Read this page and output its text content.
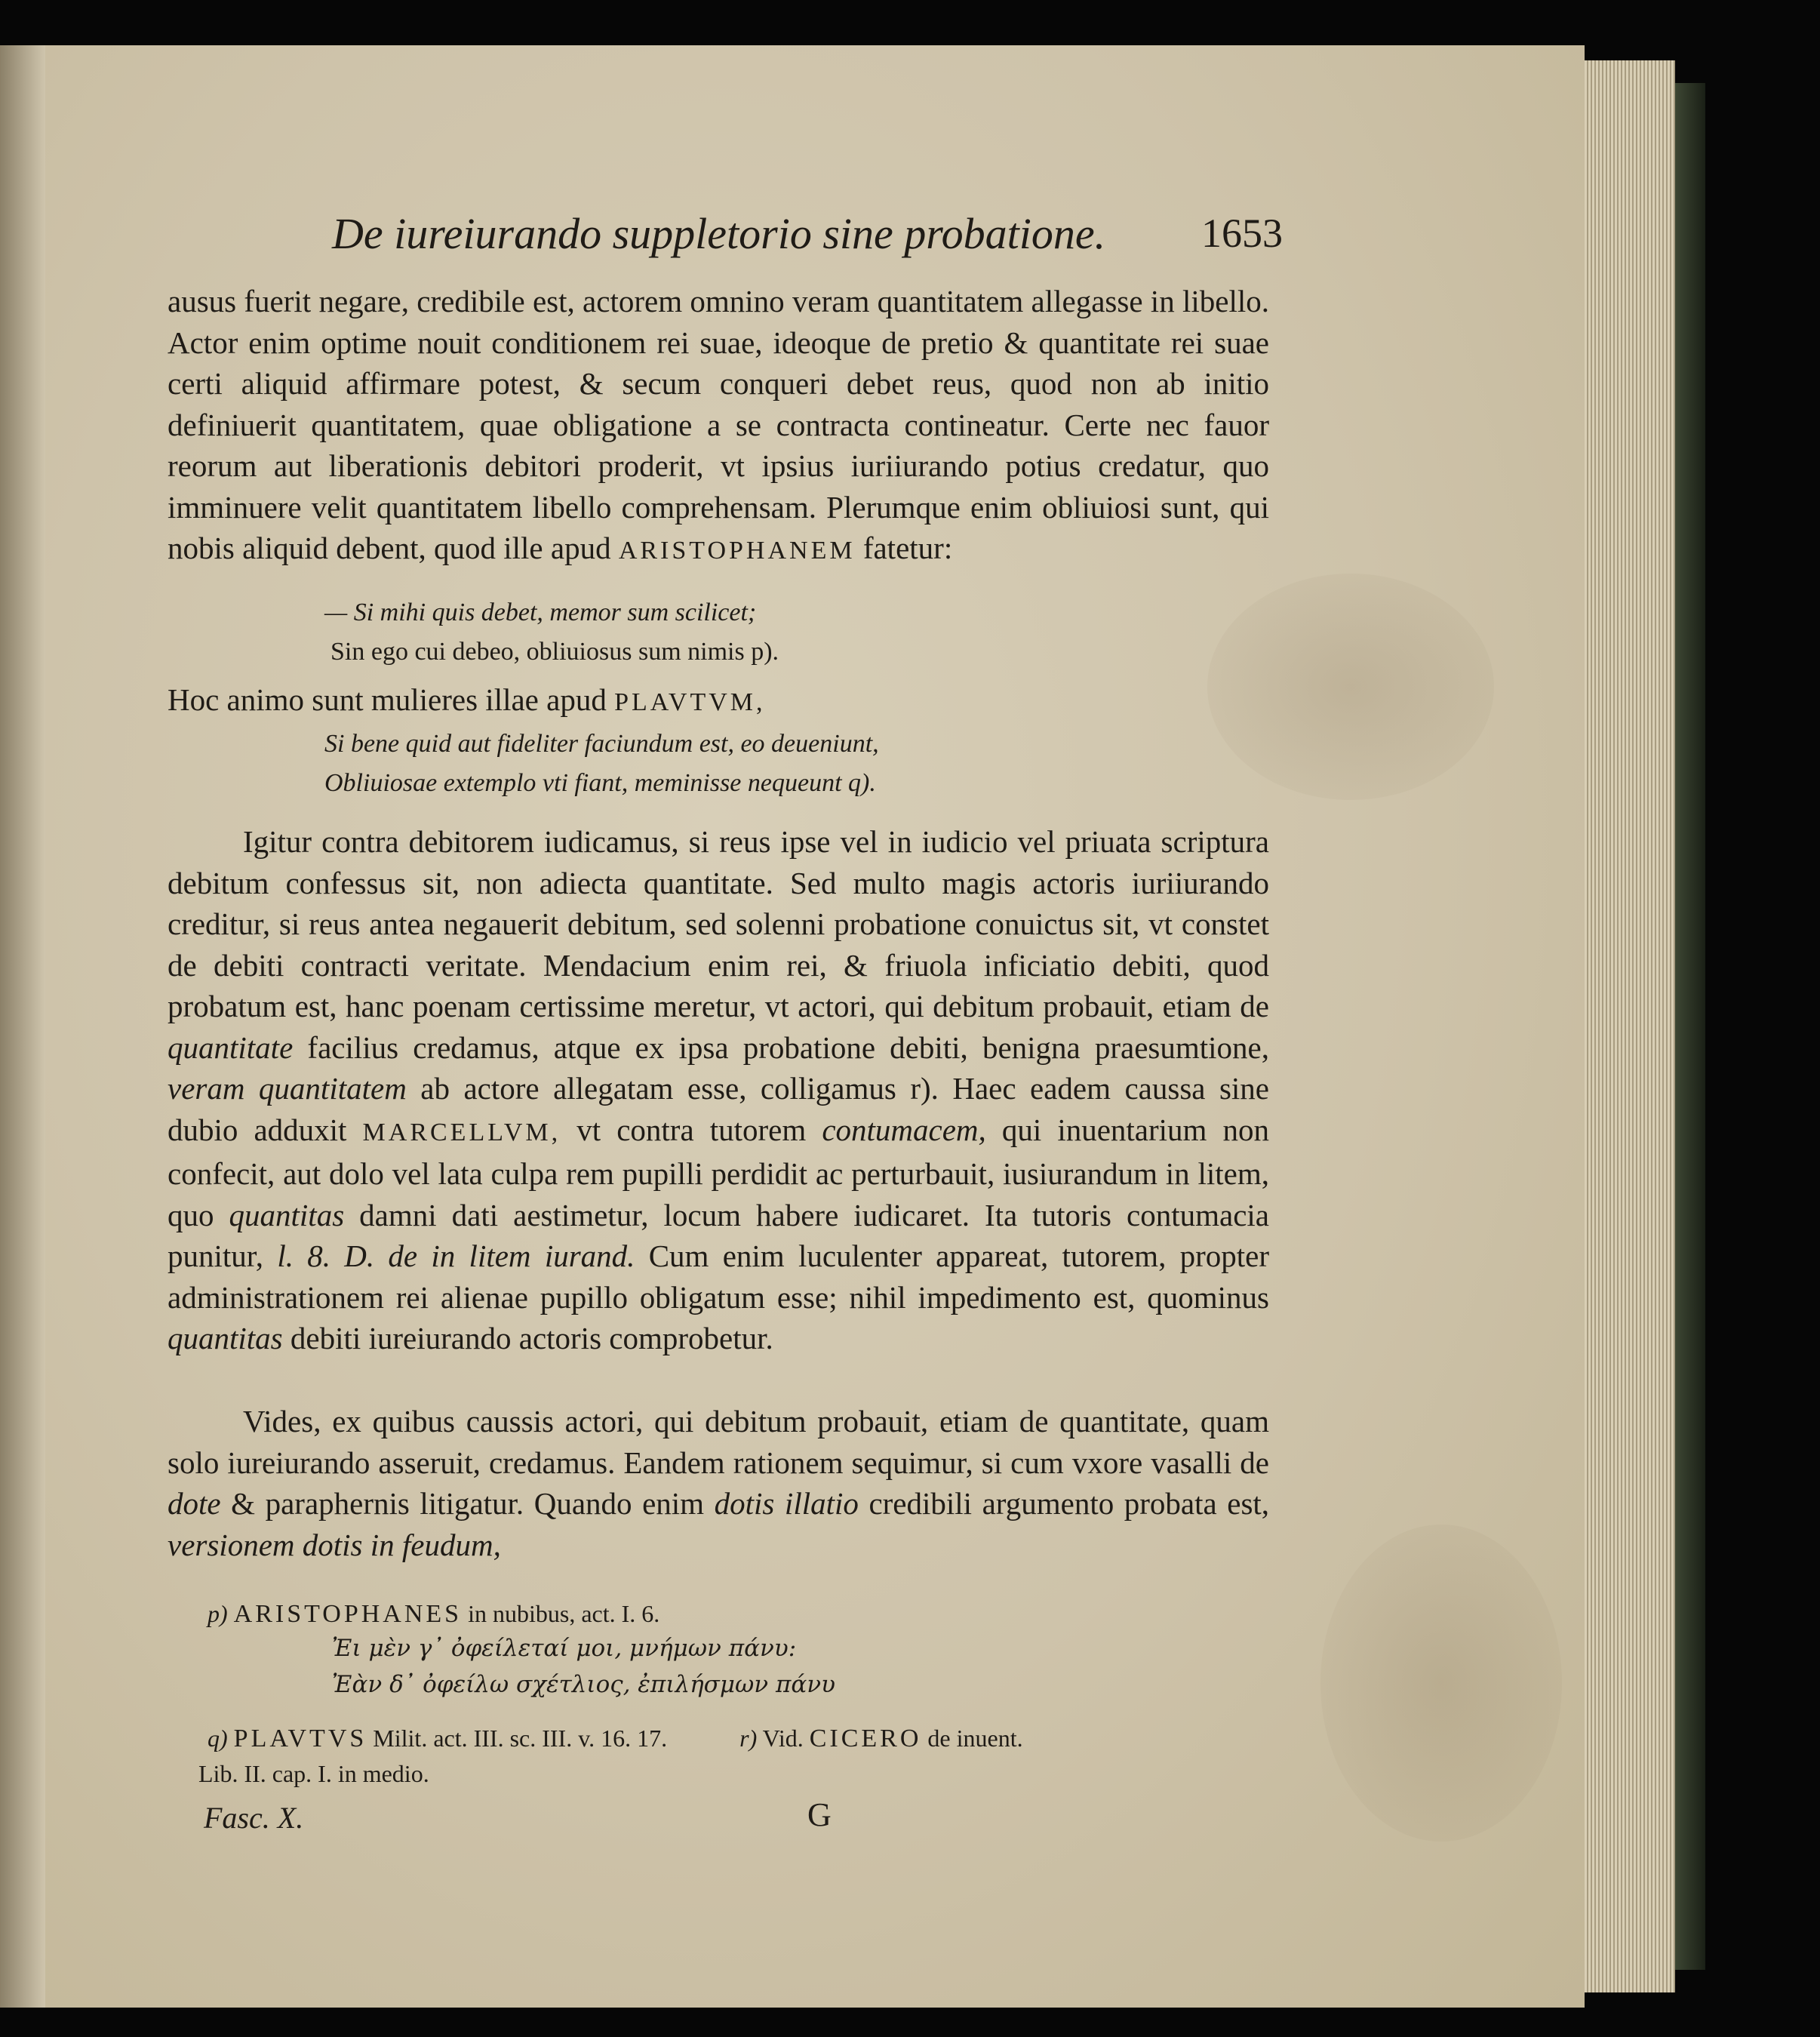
De iureiurando suppletorio sine probatione. 1653
ausus fuerit negare, credibile est, actorem omnino veram quantitatem allegasse in libello. Actor enim optime nouit conditionem rei suae, ideoque de pretio & quantitate rei suae certi aliquid affirmare potest, & secum conqueri debet reus, quod non ab initio definiuerit quantitatem, quae obligatione a se contracta contineatur. Certe nec fauor reorum aut liberationis debitori proderit, vt ipsius iuriiurando potius credatur, quo imminuere velit quantitatem libello comprehensam. Plerumque enim obliuiosi sunt, qui nobis aliquid debent, quod ille apud ARISTOPHANEM fatetur:
— Si mihi quis debet, memor sum scilicet;
Sin ego cui debeo, obliuiosus sum nimis p).
Hoc animo sunt mulieres illae apud PLAVTVM,
Si bene quid aut fideliter faciundum est, eo deueniunt,
Obliuiosae extemplo vti fiant, meminisse nequeunt q).
Igitur contra debitorem iudicamus, si reus ipse vel in iudicio vel priuata scriptura debitum confessus sit, non adiecta quantitate. Sed multo magis actoris iuriiurando creditur, si reus antea negauerit debitum, sed solenni probatione conuictus sit, vt constet de debiti contracti veritate. Mendacium enim rei, & friuola inficiatio debiti, quod probatum est, hanc poenam certissime meretur, vt actori, qui debitum probauit, etiam de quantitate facilius credamus, atque ex ipsa probatione debiti, benigna praesumtione, veram quantitatem ab actore allegatam esse, colligamus r). Haec eadem caussa sine dubio adduxit MARCELLVM, vt contra tutorem contumacem, qui inuentarium non confecit, aut dolo vel lata culpa rem pupilli perdidit ac perturbauit, iusiurandum in litem, quo quantitas damni dati aestimetur, locum habere iudicaret. Ita tutoris contumacia punitur, l. 8. D. de in litem iurand. Cum enim luculenter appareat, tutorem, propter administrationem rei alienae pupillo obligatum esse; nihil impedimento est, quominus quantitas debiti iureiurando actoris comprobetur.
Vides, ex quibus caussis actori, qui debitum probauit, etiam de quantitate, quam solo iureiurando asseruit, credamus. Eandem rationem sequimur, si cum vxore vasalli de dote & paraphernis litigatur. Quando enim dotis illatio credibili argumento probata est, versionem dotis in feudum,
p) ARISTOPHANES in nubibus, act. I. 6.
Ἐι μὲν γ᾽ ὀφείλεταί μοι, μνήμων πάνυ:
Ἐὰν δ᾽ ὀφείλω σχέτλιος, ἐπιλήσμων πάνυ
q) PLAVTVS Milit. act. III. sc. III. v. 16. 17.	r) Vid. CICERO de inuent.
Lib. II. cap. I. in medio.
Fasc. X.	G
